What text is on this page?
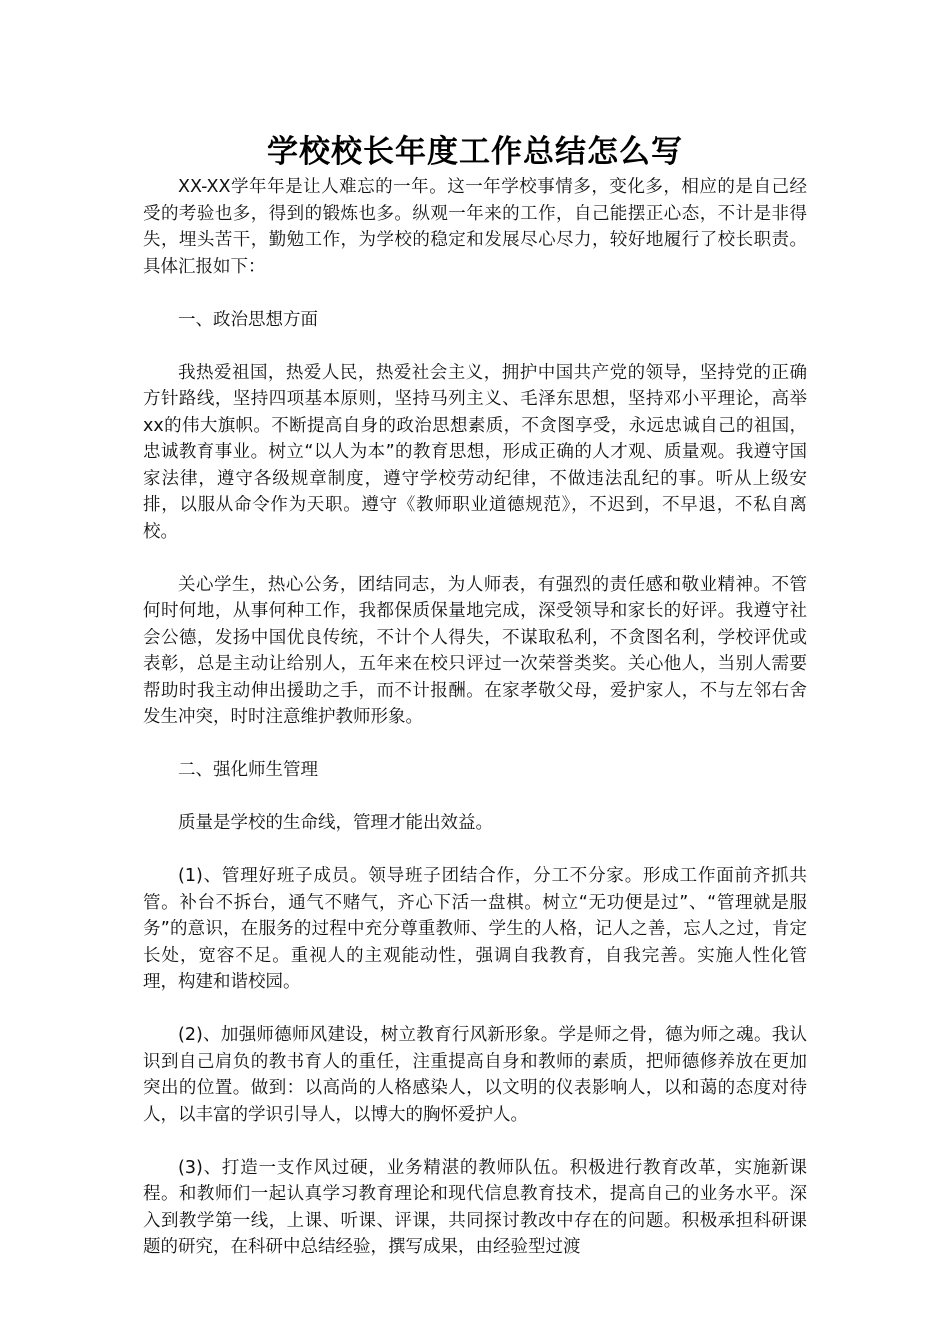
学校校长年度工作总结怎么写

XX-XX学年年是让人难忘的一年。这一年学校事情多，变化多，相应的是自己经受的考验也多，得到的锻炼也多。纵观一年来的工作，自己能摆正心态，不计是非得失，埋头苦干，勤勉工作，为学校的稳定和发展尽心尽力，较好地履行了校长职责。具体汇报如下：

一、政治思想方面

我热爱祖国，热爱人民，热爱社会主义，拥护中国共产党的领导，坚持党的正确方针路线，坚持四项基本原则，坚持马列主义、毛泽东思想，坚持邓小平理论，高举xx的伟大旗帜。不断提高自身的政治思想素质，不贪图享受，永远忠诚自己的祖国，忠诚教育事业。树立“以人为本”的教育思想，形成正确的人才观、质量观。我遵守国家法律，遵守各级规章制度，遵守学校劳动纪律，不做违法乱纪的事。听从上级安排，以服从命令作为天职。遵守《教师职业道德规范》，不迟到，不早退，不私自离校。

关心学生，热心公务，团结同志，为人师表，有强烈的责任感和敬业精神。不管何时何地，从事何种工作，我都保质保量地完成，深受领导和家长的好评。我遵守社会公德，发扬中国优良传统，不计个人得失，不谋取私利，不贪图名利，学校评优或表彰，总是主动让给别人，五年来在校只评过一次荣誉类奖。关心他人，当别人需要帮助时我主动伸出援助之手，而不计报酬。在家孝敬父母，爱护家人，不与左邻右舍发生冲突，时时注意维护教师形象。

二、强化师生管理

质量是学校的生命线，管理才能出效益。

(1)、管理好班子成员。领导班子团结合作，分工不分家。形成工作面前齐抓共管。补台不拆台，通气不赌气，齐心下活一盘棋。树立“无功便是过”、“管理就是服务”的意识，在服务的过程中充分尊重教师、学生的人格，记人之善，忘人之过，肯定长处，宽容不足。重视人的主观能动性，强调自我教育，自我完善。实施人性化管理，构建和谐校园。

(2)、加强师德师风建设，树立教育行风新形象。学是师之骨，德为师之魂。我认识到自己肩负的教书育人的重任，注重提高自身和教师的素质，把师德修养放在更加突出的位置。做到：以高尚的人格感染人，以文明的仪表影响人，以和蔼的态度对待人，以丰富的学识引导人，以博大的胸怀爱护人。

(3)、打造一支作风过硬，业务精湛的教师队伍。积极进行教育改革，实施新课程。和教师们一起认真学习教育理论和现代信息教育技术，提高自己的业务水平。深入到教学第一线，上课、听课、评课，共同探讨教改中存在的问题。积极承担科研课题的研究，在科研中总结经验，撰写成果，由经验型过渡
